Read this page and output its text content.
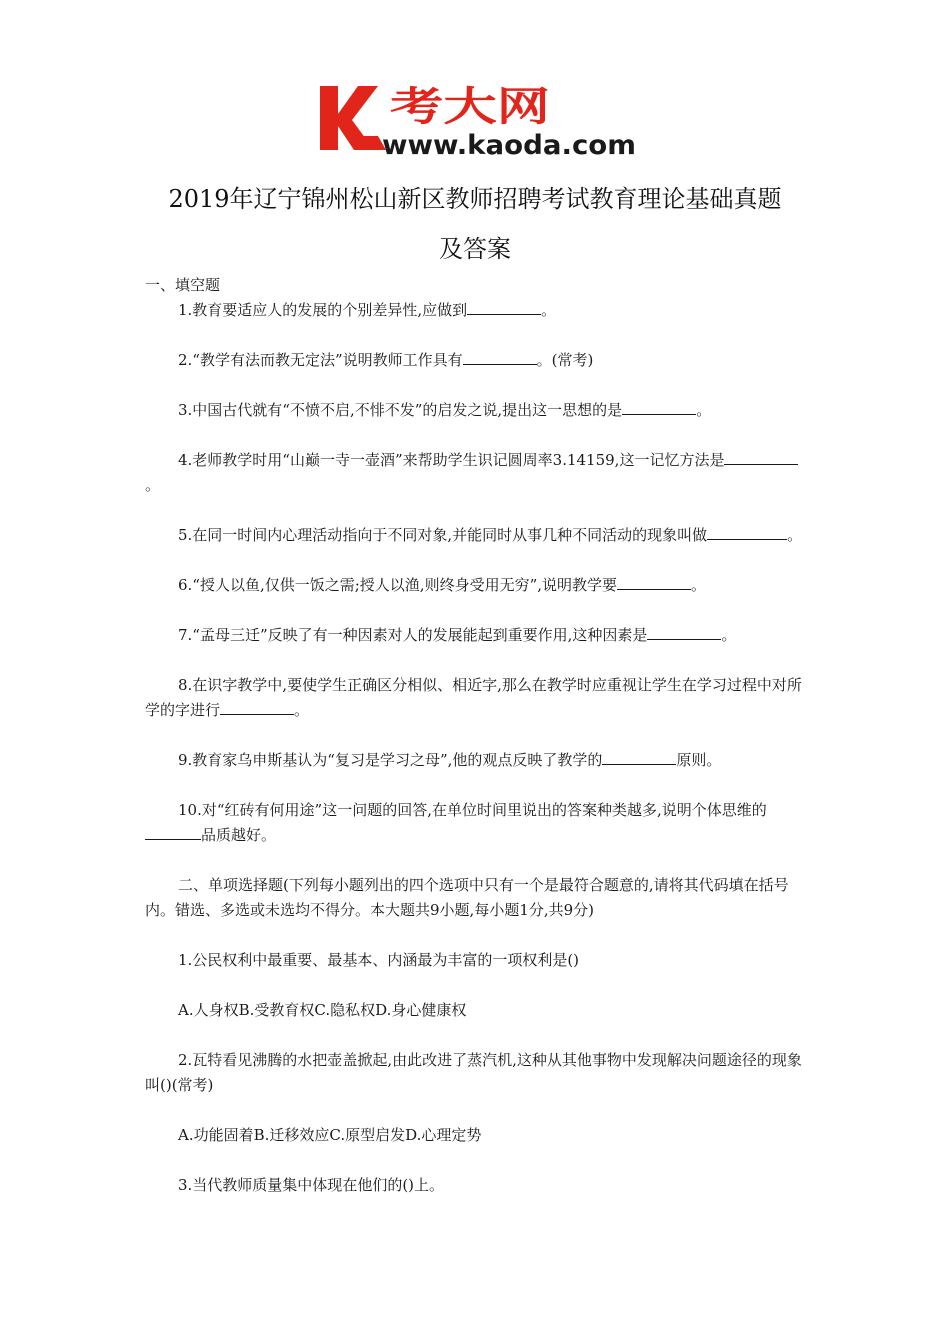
考大网
www.kaoda.com
2019年辽宁锦州松山新区教师招聘考试教育理论基础真题
及答案

一、填空题

1.教育要适应人的发展的个别差异性,应做到	。

2.“教学有法而教无定法”说明教师工作具有	。(常考)

3.中国古代就有“不愤不启,不悱不发”的启发之说,提出这一思想的是	。

4.老师教学时用“山巅一寺一壶酒”来帮助学生识记圆周率3.14159,这一记忆方法是。

5.在同一时间内心理活动指向于不同对象,并能同时从事几种不同活动的现象叫做	。

6.“授人以鱼,仅供一饭之需;授人以渔,则终身受用无穷”,说明教学要	。

7.“孟母三迁”反映了有一种因素对人的发展能起到重要作用,这种因素是	。

8.在识字教学中,要使学生正确区分相似、相近字,那么在教学时应重视让学生在学习过程中对所学的字进行	。

9.教育家乌申斯基认为“复习是学习之母”,他的观点反映了教学的	原则。

10.对“红砖有何用途”这一问题的回答,在单位时间里说出的答案种类越多,说明个体思维的品质越好。

二、单项选择题(下列每小题列出的四个选项中只有一个是最符合题意的,请将其代码填在括号内。错选、多选或未选均不得分。本大题共9小题,每小题1分,共9分)

1.公民权利中最重要、最基本、内涵最为丰富的一项权利是()

A.人身权B.受教育权C.隐私权D.身心健康权

2.瓦特看见沸腾的水把壶盖掀起,由此改进了蒸汽机,这种从其他事物中发现解决问题途径的现象叫()(常考)

A.功能固着B.迁移效应C.原型启发D.心理定势

3.当代教师质量集中体现在他们的()上。
